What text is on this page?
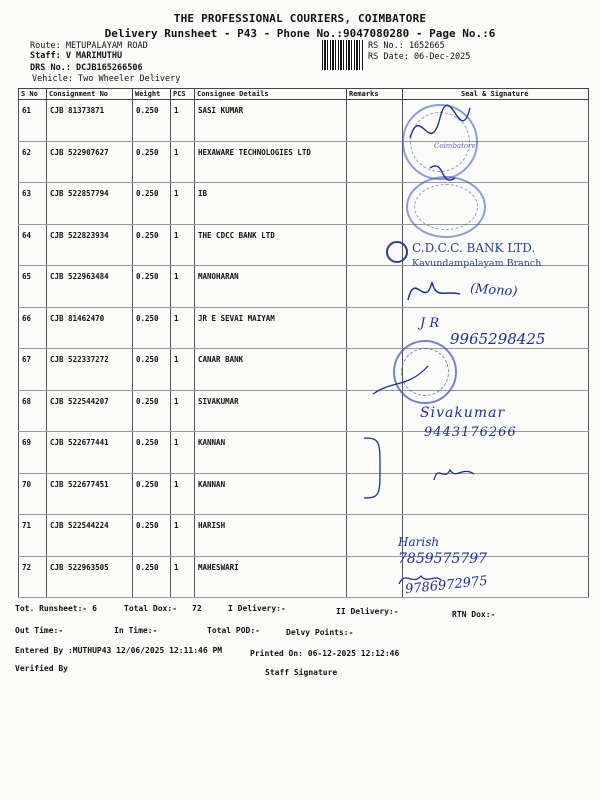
THE PROFESSIONAL COURIERS, COIMBATORE
Delivery Runsheet - P43 - Phone No.:9047080280 - Page No.:6
Route: METUPALAYAM ROAD
Staff: V MARIMUTHU
DRS No.: DCJB165266506
Vehicle: Two Wheeler Delivery
RS No.: 1652665
RS Date: 06-Dec-2025
S No	Consignment No	Weight	PCS	Consignee Details	Remarks	Seal & Signature
61	CJB 81373871	0.250	1	SASI KUMAR		
62	CJB 522907627	0.250	1	HEXAWARE TECHNOLOGIES LTD		
63	CJB 522857794	0.250	1	IB		
64	CJB 522823934	0.250	1	THE CDCC BANK LTD		
65	CJB 522963484	0.250	1	MANOHARAN		
66	CJB 81462470	0.250	1	JR E SEVAI MAIYAM		
67	CJB 522337272	0.250	1	CANAR BANK		
68	CJB 522544207	0.250	1	SIVAKUMAR		
69	CJB 522677441	0.250	1	KANNAN		
70	CJB 522677451	0.250	1	KANNAN		
71	CJB 522544224	0.250	1	HARISH		
72	CJB 522963505	0.250	1	MAHESWARI		
Coimbatore
C.D.C.C. BANK LTD.
Kavundampalayam Branch
(Mono)
J R
9965298425
Sivakumar
9443176266
Harish
7859575797
9786972975
Tot. Runsheet:- 6	Total Dox:- 72	I Delivery:-	II Delivery:-	RTN Dox:-
Out Time:-	In Time:-	Total POD:-	Delvy Points:-
Entered By :MUTHUP43 12/06/2025 12:11:46 PM	Printed On: 06-12-2025 12:12:46
Verified By	Staff Signature
